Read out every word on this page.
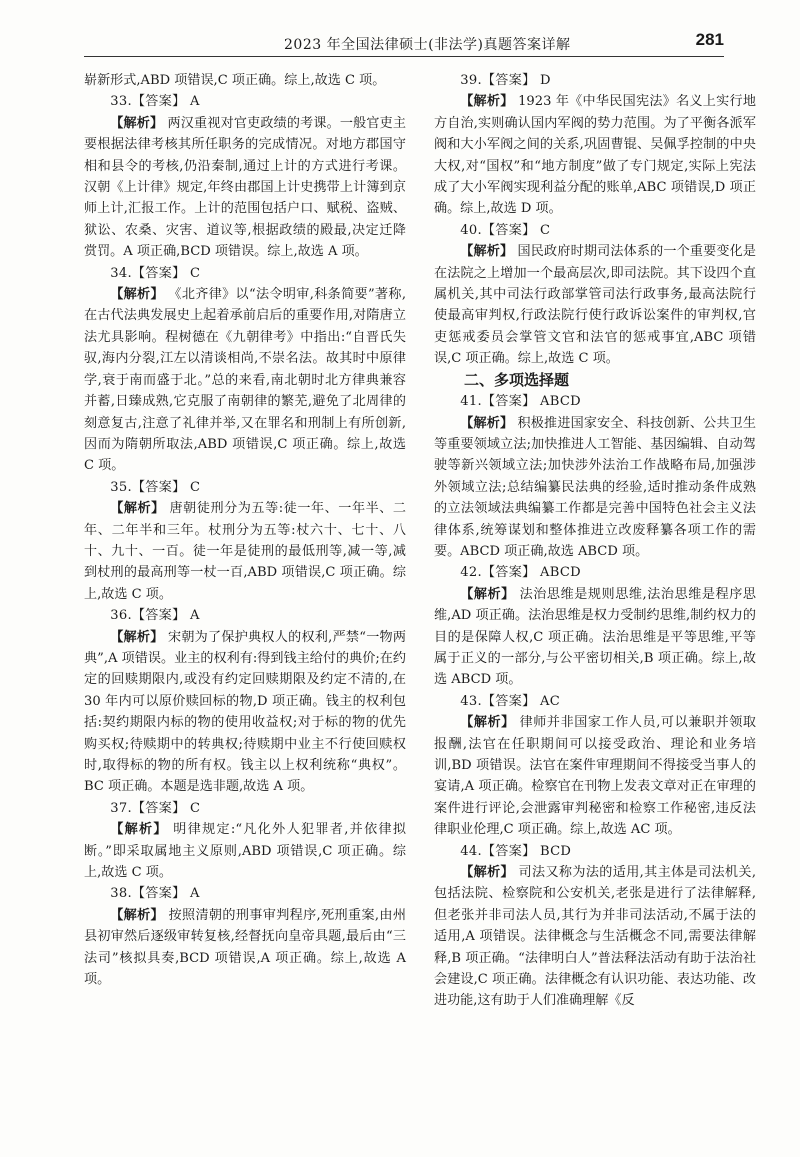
2023 年全国法律硕士(非法学)真题答案详解	281

崭新形式,ABD 项错误,C 项正确。综上,故选 C 项。

33.【答案】 A

【解析】 两汉重视对官吏政绩的考课。一般官吏主要根据法律考核其所任职务的完成情况。对地方郡国守相和县令的考核,仍沿秦制,通过上计的方式进行考课。汉朝《上计律》规定,年终由郡国上计史携带上计簿到京师上计,汇报工作。上计的范围包括户口、赋税、盗贼、狱讼、农桑、灾害、道议等,根据政绩的殿最,决定迁降赏罚。A 项正确,BCD 项错误。综上,故选 A 项。

34.【答案】 C

【解析】 《北齐律》以“法令明审,科条简要”著称,在古代法典发展史上起着承前启后的重要作用,对隋唐立法尤具影响。程树德在《九朝律考》中指出:“自晋氏失驭,海内分裂,江左以清谈相尚,不崇名法。故其时中原律学,衰于南而盛于北。”总的来看,南北朝时北方律典兼容并蓄,日臻成熟,它克服了南朝律的繁芜,避免了北周律的刻意复古,注意了礼律并举,又在罪名和刑制上有所创新,因而为隋朝所取法,ABD 项错误,C 项正确。综上,故选 C 项。

35.【答案】 C

【解析】 唐朝徒刑分为五等:徒一年、一年半、二年、二年半和三年。杖刑分为五等:杖六十、七十、八十、九十、一百。徒一年是徒刑的最低刑等,减一等,减到杖刑的最高刑等一杖一百,ABD 项错误,C 项正确。综上,故选 C 项。

36.【答案】 A

【解析】 宋朝为了保护典权人的权利,严禁“一物两典”,A 项错误。业主的权利有:得到钱主给付的典价;在约定的回赎期限内,或没有约定回赎期限及约定不清的,在 30 年内可以原价赎回标的物,D 项正确。钱主的权利包括:契约期限内标的物的使用收益权;对于标的物的优先购买权;待赎期中的转典权;待赎期中业主不行使回赎权时,取得标的物的所有权。钱主以上权利统称“典权”。BC 项正确。本题是选非题,故选 A 项。

37.【答案】 C

【解析】 明律规定:“凡化外人犯罪者,并依律拟断。”即采取属地主义原则,ABD 项错误,C 项正确。综上,故选 C 项。

38.【答案】 A

【解析】 按照清朝的刑事审判程序,死刑重案,由州县初审然后逐级审转复核,经督抚向皇帝具题,最后由“三法司”核拟具奏,BCD 项错误,A 项正确。综上,故选 A 项。

39.【答案】 D

【解析】 1923 年《中华民国宪法》名义上实行地方自治,实则确认国内军阀的势力范围。为了平衡各派军阀和大小军阀之间的关系,巩固曹锟、吴佩孚控制的中央大权,对“国权”和“地方制度”做了专门规定,实际上宪法成了大小军阀实现利益分配的账单,ABC 项错误,D 项正确。综上,故选 D 项。

40.【答案】 C

【解析】 国民政府时期司法体系的一个重要变化是在法院之上增加一个最高层次,即司法院。其下设四个直属机关,其中司法行政部掌管司法行政事务,最高法院行使最高审判权,行政法院行使行政诉讼案件的审判权,官吏惩戒委员会掌管文官和法官的惩戒事宜,ABC 项错误,C 项正确。综上,故选 C 项。

二、多项选择题

41.【答案】 ABCD

【解析】 积极推进国家安全、科技创新、公共卫生等重要领域立法;加快推进人工智能、基因编辑、自动驾驶等新兴领域立法;加快涉外法治工作战略布局,加强涉外领域立法;总结编纂民法典的经验,适时推动条件成熟的立法领域法典编纂工作都是完善中国特色社会主义法律体系,统筹谋划和整体推进立改废释纂各项工作的需要。ABCD 项正确,故选 ABCD 项。

42.【答案】 ABCD

【解析】 法治思维是规则思维,法治思维是程序思维,AD 项正确。法治思维是权力受制约思维,制约权力的目的是保障人权,C 项正确。法治思维是平等思维,平等属于正义的一部分,与公平密切相关,B 项正确。综上,故选 ABCD 项。

43.【答案】 AC

【解析】 律师并非国家工作人员,可以兼职并领取报酬,法官在任职期间可以接受政治、理论和业务培训,BD 项错误。法官在案件审理期间不得接受当事人的宴请,A 项正确。检察官在刊物上发表文章对正在审理的案件进行评论,会泄露审判秘密和检察工作秘密,违反法律职业伦理,C 项正确。综上,故选 AC 项。

44.【答案】 BCD

【解析】 司法又称为法的适用,其主体是司法机关,包括法院、检察院和公安机关,老张是进行了法律解释,但老张并非司法人员,其行为并非司法活动,不属于法的适用,A 项错误。法律概念与生活概念不同,需要法律解释,B 项正确。“法律明白人”普法释法活动有助于法治社会建设,C 项正确。法律概念有认识功能、表达功能、改进功能,这有助于人们准确理解《反
